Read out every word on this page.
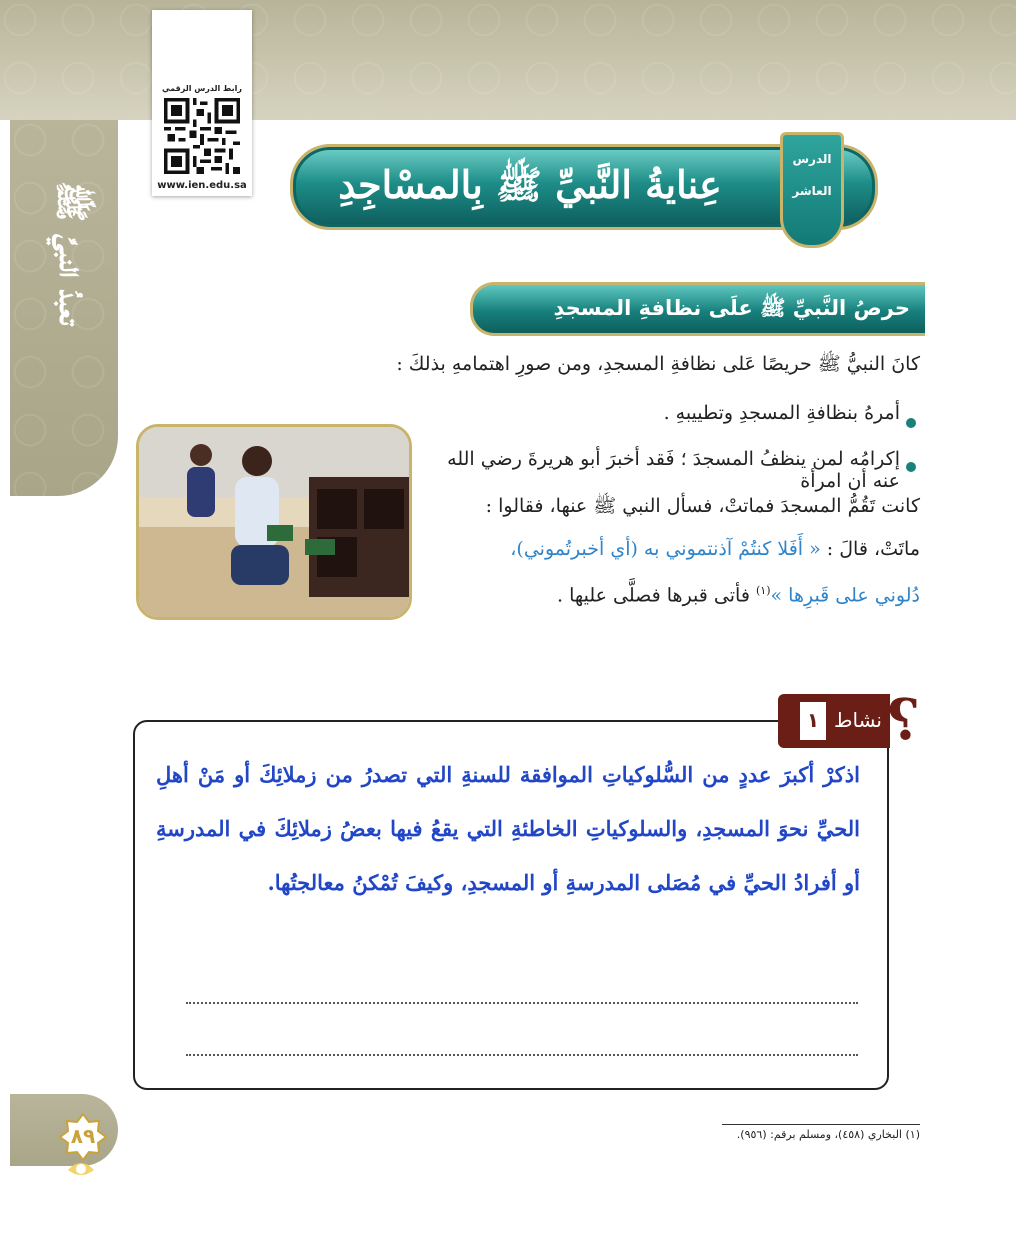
تعبدُ النبيِّ ﷺ
رابط الدرس الرقمي
www.ien.edu.sa	عِنايةُ النَّبيِّ ﷺ بِالمسْاجِدِ
الدرس
العاشر
حرصُ النَّبيِّ ﷺ علَى نظافةِ المسجدِ
كانَ النبيُّ ﷺ حريصًا عَلى نظافةِ المسجدِ، ومن صورِ اهتمامهِ بذلكَ :
أمرهُ بنظافةِ المسجدِ وتطييبهِ .
إكرامُه لمن ينظفُ المسجدَ ؛ فَقد أخبرَ أبو هريرةَ رضي الله عنه أن امرأة
كانت تَقُمُّ المسجدَ فماتتْ، فسأل النبي ﷺ عنها، فقالوا :
ماتَتْ، قالَ : « أَفَلا كنتُمْ آذنتموني به (أي أخبرتُموني)،
دُلوني على قَبرِها »$^{(١)}$ فأتى قبرها فصلَّى عليها .
١ نشاط ?
اذكرْ أكبرَ عددٍ من السُّلوكياتِ الموافقة للسنةِ التي تصدرُ من زملائِكَ أو مَنْ أهلِ الحيِّ نحوَ المسجدِ، والسلوكياتِ الخاطئةِ التي يقعُ فيها بعضُ زملائِكَ في المدرسةِ أو أفرادُ الحيِّ في مُصَلى المدرسةِ أو المسجدِ، وكيفَ تُمْكنُ معالجتُها.
٨٩	(١) البخاري (٤٥٨)، ومسلم برقم: (٩٥٦).
